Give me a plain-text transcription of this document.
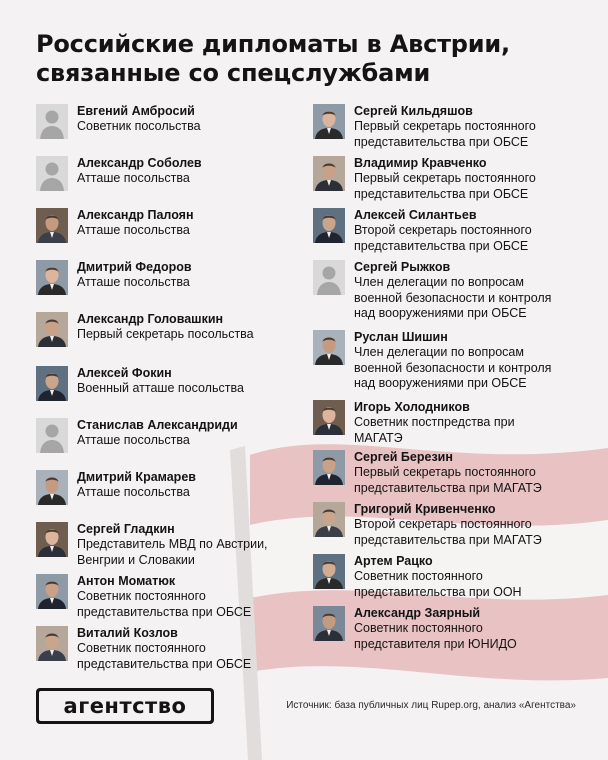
Российские дипломаты в Австрии,
связанные со спецслужбами
Евгений Амбросий
Советник посольства
Александр Соболев
Атташе посольства
Александр Палоян
Атташе посольства
Дмитрий Федоров
Атташе посольства
Александр Головашкин
Первый секретарь посольства
Алексей Фокин
Военный атташе посольства
Станислав Александриди
Атташе посольства
Дмитрий Крамарев
Атташе посольства
Сергей Гладкин
Представитель МВД по Австрии,
Венгрии и Словакии
Антон Моматюк
Советник постоянного
представительства при ОБСЕ
Виталий Козлов
Советник постоянного
представительства при ОБСЕ
Сергей Кильдяшов
Первый секретарь постоянного
представительства при ОБСЕ
Владимир Кравченко
Первый секретарь постоянного
представительства при ОБСЕ
Алексей Силантьев
Второй секретарь постоянного
представительства при ОБСЕ
Сергей Рыжков
Член делегации по вопросам
военной безопасности и контроля
над вооружениями при ОБСЕ
Руслан Шишин
Член делегации по вопросам
военной безопасности и контроля
над вооружениями при ОБСЕ
Игорь Холодников
Советник постпредства при
МАГАТЭ
Сергей Березин
Первый секретарь постоянного
представительства при МАГАТЭ
Григорий Кривенченко
Второй секретарь постоянного
представительства при МАГАТЭ
Артем Рацко
Советник постоянного
представительства при ООН
Александр Заярный
Советник постоянного
представителя при ЮНИДО
агентство	Источник: база публичных лиц Rupep.org, анализ «Агентства»
